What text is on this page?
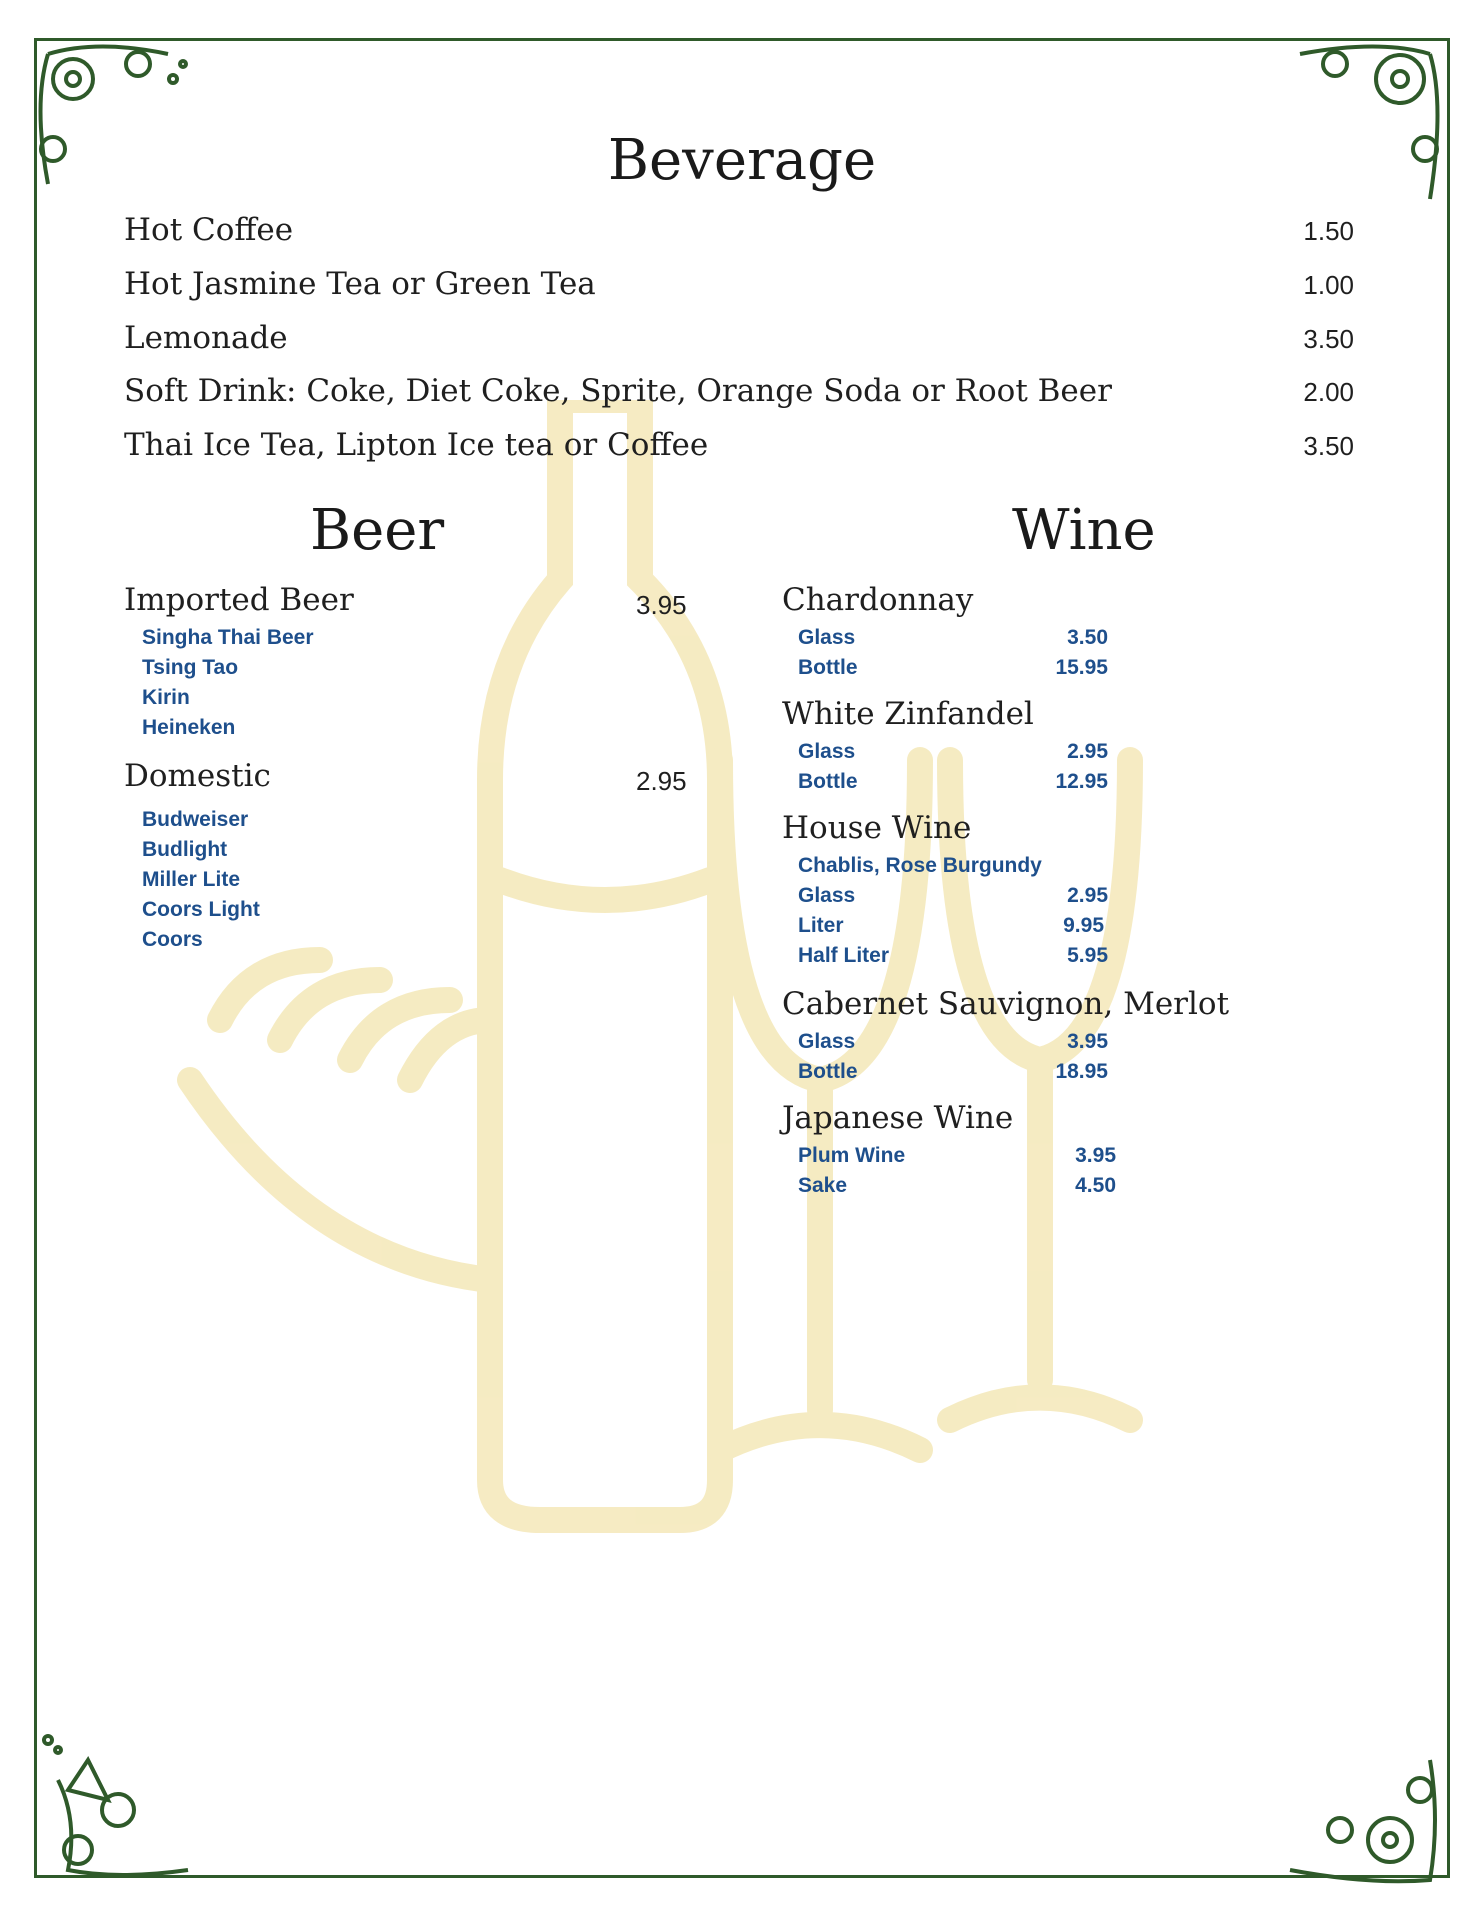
Beverage
Hot Coffee	1.50
Hot Jasmine Tea or Green Tea	1.00
Lemonade	3.50
Soft Drink: Coke, Diet Coke, Sprite, Orange Soda or Root Beer	2.00
Thai Ice Tea, Lipton Ice tea or Coffee	3.50
Beer
Imported Beer	3.95
Singha Thai Beer
Tsing Tao
Kirin
Heineken
Domestic	2.95
Budweiser
Budlight
Miller Lite
Coors Light
Coors
Wine
Chardonnay
Glass	3.50
Bottle	15.95
White Zinfandel
Glass	2.95
Bottle	12.95
House Wine
Chablis, Rose Burgundy
Glass	2.95
Liter	9.95
Half Liter	5.95
Cabernet Sauvignon, Merlot
Glass	3.95
Bottle	18.95
Japanese Wine
Plum Wine	3.95
Sake	4.50
